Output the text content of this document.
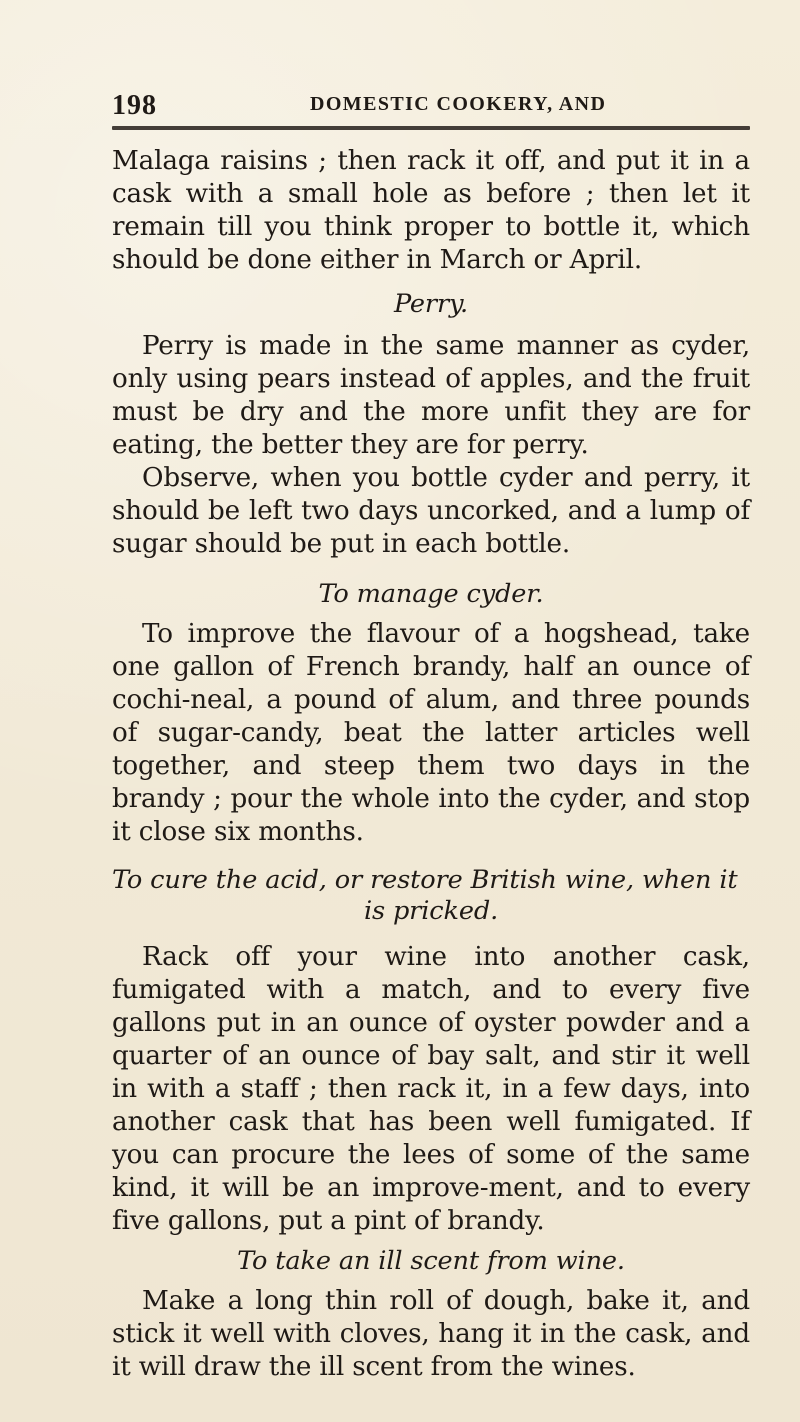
198	DOMESTIC COOKERY, AND

Malaga raisins ; then rack it off, and put it in a cask with a small hole as before ; then let it remain till you think proper to bottle it, which should be done either in March or April.

Perry.

Perry is made in the same manner as cyder, only using pears instead of apples, and the fruit must be dry and the more unfit they are for eating, the better they are for perry.

Observe, when you bottle cyder and perry, it should be left two days uncorked, and a lump of sugar should be put in each bottle.

To manage cyder.

To improve the flavour of a hogshead, take one gallon of French brandy, half an ounce of cochi-neal, a pound of alum, and three pounds of sugar-candy, beat the latter articles well together, and steep them two days in the brandy ; pour the whole into the cyder, and stop it close six months.

To cure the acid, or restore British wine, when it
is pricked.

Rack off your wine into another cask, fumigated with a match, and to every five gallons put in an ounce of oyster powder and a quarter of an ounce of bay salt, and stir it well in with a staff ; then rack it, in a few days, into another cask that has been well fumigated. If you can procure the lees of some of the same kind, it will be an improve-ment, and to every five gallons, put a pint of brandy.

To take an ill scent from wine.

Make a long thin roll of dough, bake it, and stick it well with cloves, hang it in the cask, and it will draw the ill scent from the wines.
